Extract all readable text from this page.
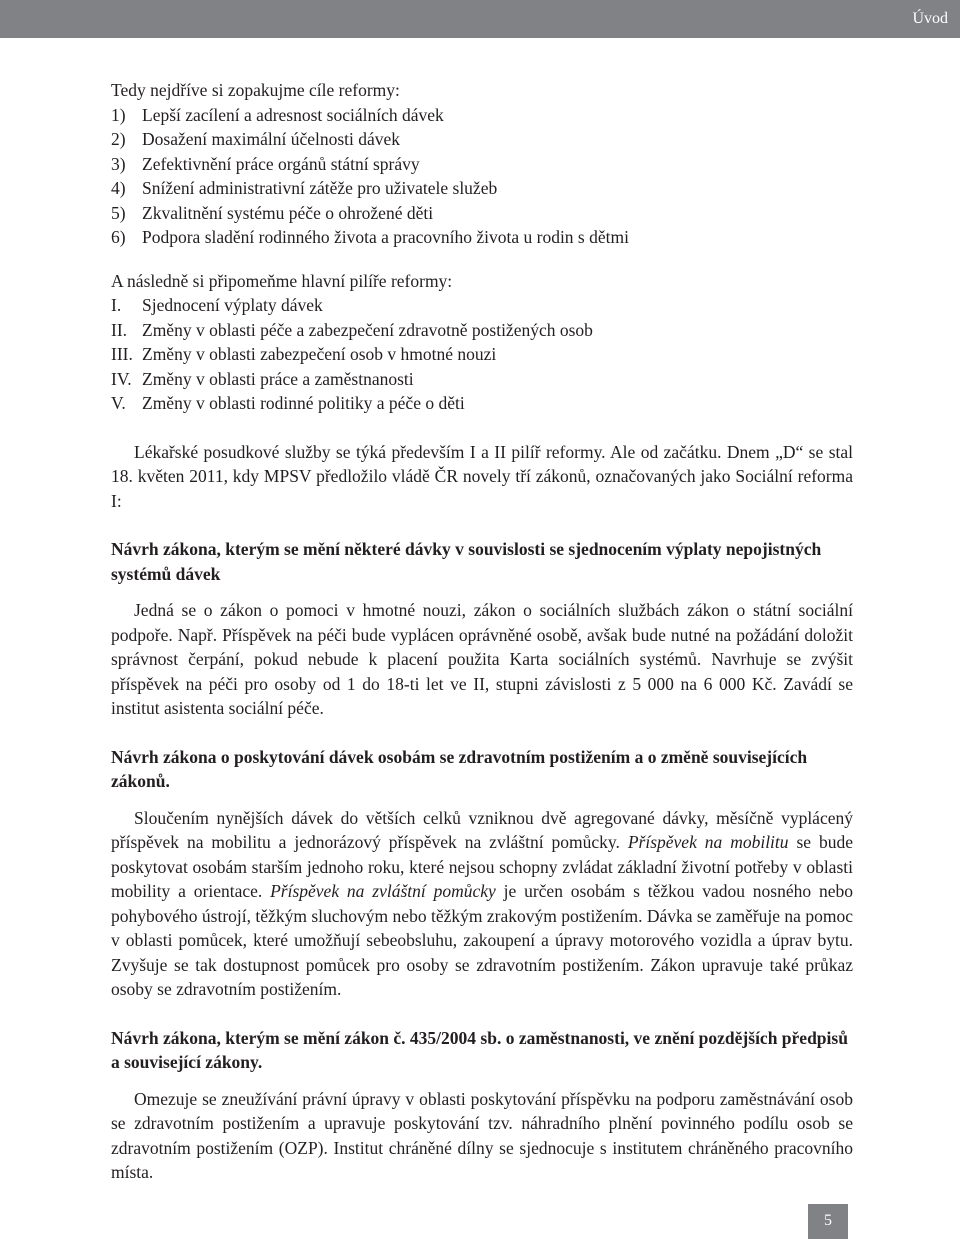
Úvod

Tedy nejdříve si zopakujme cíle reformy:

1) Lepší zacílení a adresnost sociálních dávek
2) Dosažení maximální účelnosti dávek
3) Zefektivnění práce orgánů státní správy
4) Snížení administrativní zátěže pro uživatele služeb
5) Zkvalitnění systému péče o ohrožené děti
6) Podpora sladění rodinného života a pracovního života u rodin s dětmi

A následně si připomeňme hlavní pilíře reformy:

I.	Sjednocení výplaty dávek
II. Změny v oblasti péče a zabezpečení zdravotně postižených osob
III. Změny v oblasti zabezpečení osob v hmotné nouzi
IV. Změny v oblasti práce a zaměstnanosti
V. Změny v oblasti rodinné politiky a péče o děti

Lékařské posudkové služby se týká především I a II pilíř reformy. Ale od začátku. Dnem „D“ se stal 18. květen 2011, kdy MPSV předložilo vládě ČR novely tří zákonů, označovaných jako Sociální reforma I:

Návrh zákona, kterým se mění některé dávky v souvislosti se sjednocením výplaty nepojistných systémů dávek

Jedná se o zákon o pomoci v hmotné nouzi, zákon o sociálních službách zákon o státní sociální podpoře. Např. Příspěvek na péči bude vyplácen oprávněné osobě, avšak bude nutné na požádání doložit správnost čerpání, pokud nebude k placení použita Karta sociálních systémů. Navrhuje se zvýšit příspěvek na péči pro osoby od 1 do 18-ti let ve II, stupni závislosti z 5 000 na 6 000 Kč. Zavádí se institut asistenta sociální péče.

Návrh zákona o poskytování dávek osobám se zdravotním postižením a o změně souvisejících zákonů.

Sloučením nynějších dávek do větších celků vzniknou dvě agregované dávky, měsíčně vyplácený příspěvek na mobilitu a jednorázový příspěvek na zvláštní pomůcky. Příspěvek na mobilitu se bude poskytovat osobám starším jednoho roku, které nejsou schopny zvládat základní životní potřeby v oblasti mobility a orientace. Příspěvek na zvláštní pomůcky je určen osobám s těžkou vadou nosného nebo pohybového ústrojí, těžkým sluchovým nebo těžkým zrakovým postižením. Dávka se zaměřuje na pomoc v oblasti pomůcek, které umožňují sebeobsluhu, zakoupení a úpravy motorového vozidla a úprav bytu. Zvyšuje se tak dostupnost pomůcek pro osoby se zdravotním postižením. Zákon upravuje také průkaz osoby se zdravotním postižením.

Návrh zákona, kterým se mění zákon č. 435/2004 sb. o zaměstnanosti, ve znění pozdějších předpisů a související zákony.

Omezuje se zneužívání právní úpravy v oblasti poskytování příspěvku na podporu zaměstnávání osob se zdravotním postižením a upravuje poskytování tzv. náhradního plnění povinného podílu osob se zdravotním postižením (OZP). Institut chráněné dílny se sjednocuje s institutem chráněného pracovního místa.

5
